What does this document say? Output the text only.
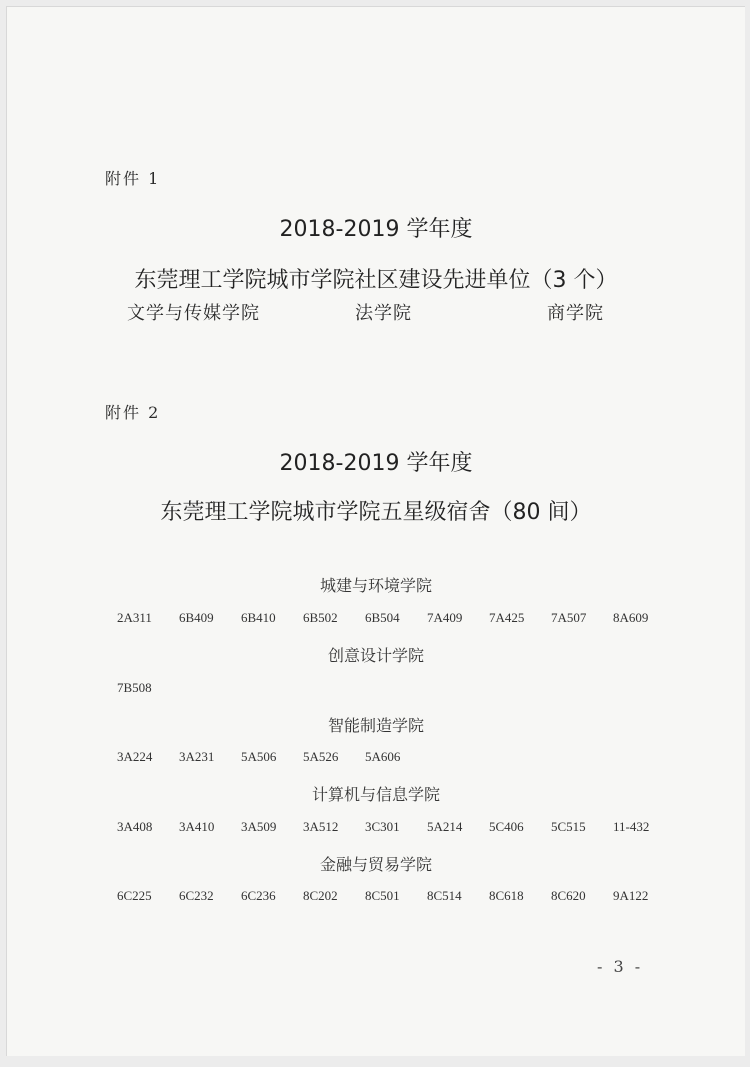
附件 1
2018-2019 学年度
东莞理工学院城市学院社区建设先进单位（3 个）
文学与传媒学院	法学院	商学院
附件 2
2018-2019 学年度
东莞理工学院城市学院五星级宿舍（80 间）
城建与环境学院
2A311 6B409 6B410 6B502 6B504 7A409 7A425 7A507 8A609
创意设计学院
7B508
智能制造学院
3A224 3A231 5A506 5A526 5A606
计算机与信息学院
3A408 3A410 3A509 3A512 3C301 5A214 5C406 5C515 11-432
金融与贸易学院
6C225 6C232 6C236 8C202 8C501 8C514 8C618 8C620 9A122
- 3 -
